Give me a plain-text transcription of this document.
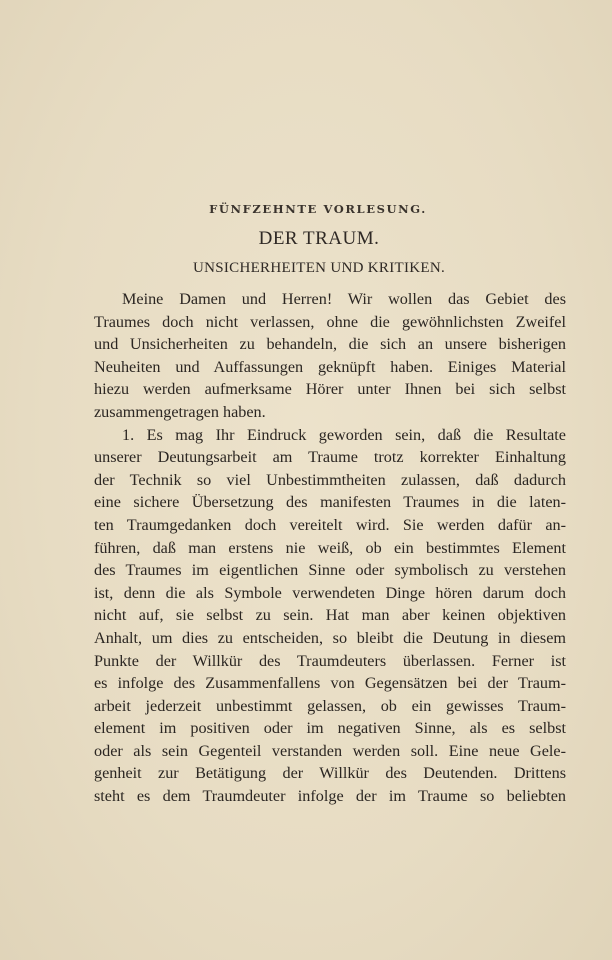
FÜNFZEHNTE VORLESUNG.
DER TRAUM.
UNSICHERHEITEN UND KRITIKEN.
Meine Damen und Herren! Wir wollen das Gebiet des
Traumes doch nicht verlassen, ohne die gewöhnlichsten Zweifel
und Unsicherheiten zu behandeln, die sich an unsere bisherigen
Neuheiten und Auffassungen geknüpft haben. Einiges Material
hiezu werden aufmerksame Hörer unter Ihnen bei sich selbst
zusammengetragen haben.
1. Es mag Ihr Eindruck geworden sein, daß die Resultate
unserer Deutungsarbeit am Traume trotz korrekter Einhaltung
der Technik so viel Unbestimmtheiten zulassen, daß dadurch
eine sichere Übersetzung des manifesten Traumes in die laten-
ten Traumgedanken doch vereitelt wird. Sie werden dafür an-
führen, daß man erstens nie weiß, ob ein bestimmtes Element
des Traumes im eigentlichen Sinne oder symbolisch zu verstehen
ist, denn die als Symbole verwendeten Dinge hören darum doch
nicht auf, sie selbst zu sein. Hat man aber keinen objektiven
Anhalt, um dies zu entscheiden, so bleibt die Deutung in diesem
Punkte der Willkür des Traumdeuters überlassen. Ferner ist
es infolge des Zusammenfallens von Gegensätzen bei der Traum-
arbeit jederzeit unbestimmt gelassen, ob ein gewisses Traum-
element im positiven oder im negativen Sinne, als es selbst
oder als sein Gegenteil verstanden werden soll. Eine neue Gele-
genheit zur Betätigung der Willkür des Deutenden. Drittens
steht es dem Traumdeuter infolge der im Traume so beliebten
